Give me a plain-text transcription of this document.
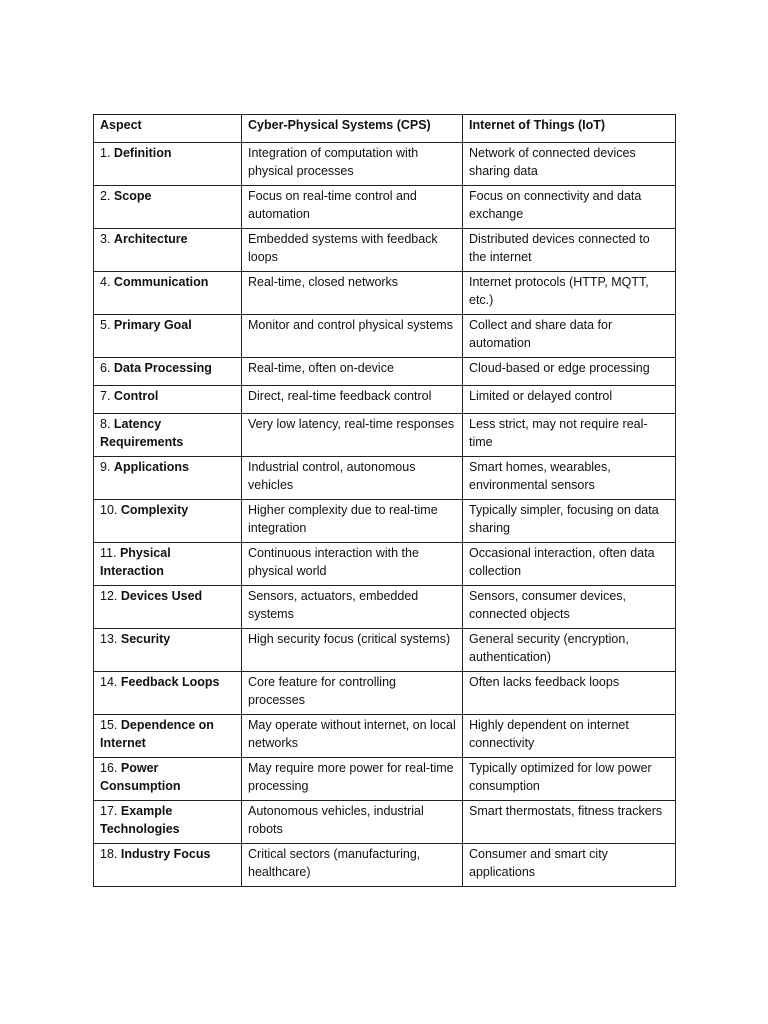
Aspect	Cyber-Physical Systems (CPS)	Internet of Things (IoT)
1. Definition	Integration of computation with physical processes	Network of connected devices sharing data
2. Scope	Focus on real-time control and automation	Focus on connectivity and data exchange
3. Architecture	Embedded systems with feedback loops	Distributed devices connected to the internet
4. Communication	Real-time, closed networks	Internet protocols (HTTP, MQTT, etc.)
5. Primary Goal	Monitor and control physical systems	Collect and share data for automation
6. Data Processing	Real-time, often on-device	Cloud-based or edge processing
7. Control	Direct, real-time feedback control	Limited or delayed control
8. Latency Requirements	Very low latency, real-time responses	Less strict, may not require real-time
9. Applications	Industrial control, autonomous vehicles	Smart homes, wearables, environmental sensors
10. Complexity	Higher complexity due to real-time integration	Typically simpler, focusing on data sharing
11. Physical Interaction	Continuous interaction with the physical world	Occasional interaction, often data collection
12. Devices Used	Sensors, actuators, embedded systems	Sensors, consumer devices, connected objects
13. Security	High security focus (critical systems)	General security (encryption, authentication)
14. Feedback Loops	Core feature for controlling processes	Often lacks feedback loops
15. Dependence on Internet	May operate without internet, on local networks	Highly dependent on internet connectivity
16. Power Consumption	May require more power for real-time processing	Typically optimized for low power consumption
17. Example Technologies	Autonomous vehicles, industrial robots	Smart thermostats, fitness trackers
18. Industry Focus	Critical sectors (manufacturing, healthcare)	Consumer and smart city applications
